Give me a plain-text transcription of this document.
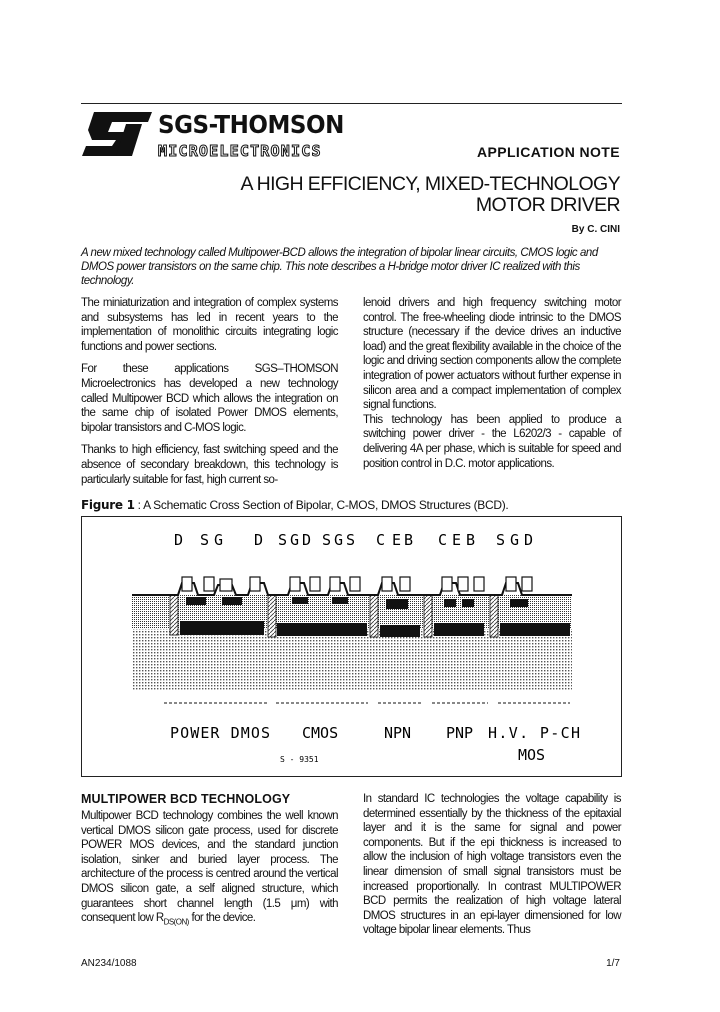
SGS-THOMSON
MICROELECTRONICS	APPLICATION NOTE
A HIGH EFFICIENCY, MIXED-TECHNOLOGY
MOTOR DRIVER
By C. CINI
A new mixed technology called Multipower-BCD allows the integration of bipolar linear circuits, CMOS logic and DMOS power transistors on the same chip. This note describes a H-bridge motor driver IC realized with this technology.

The miniaturization and integration of complex systems and subsystems has led in recent years to the implementation of monolithic circuits integrating logic functions and power sections.

For these applications SGS–THOMSON Microelectronics has developed a new technology called Multipower BCD which allows the integration on the same chip of isolated Power DMOS elements, bipolar transistors and C-MOS logic.

Thanks to high efficiency, fast switching speed and the absence of secondary breakdown, this technology is particularly suitable for fast, high current so-

lenoid drivers and high frequency switching motor control. The free-wheeling diode intrinsic to the DMOS structure (necessary if the device drives an inductive load) and the great flexibility available in the choice of the logic and driving section components allow the complete integration of power actuators without further expense in silicon area and a compact implementation of complex signal functions.

This technology has been applied to produce a switching power driver - the L6202/3 - capable of delivering 4A per phase, which is suitable for speed and position control in D.C. motor applications.

Figure 1 : A Schematic Cross Section of Bipolar, C-MOS, DMOS Structures (BCD).
D S G D S G D S G S C E B C E B S G D
POWER DMOS CMOS	NPN PNP H.V. P-CH
MOS
S - 9351
MULTIPOWER BCD TECHNOLOGY

Multipower BCD technology combines the well known vertical DMOS silicon gate process, used for discrete POWER MOS devices, and the standard junction isolation, sinker and buried layer process. The architecture of the process is centred around the vertical DMOS silicon gate, a self aligned structure, which guarantees short channel length (1.5 μm) with consequent low $R_{DS(ON)}$ for the device.

In standard IC technologies the voltage capability is determined essentially by the thickness of the epitaxial layer and it is the same for signal and power components. But if the epi thickness is increased to allow the inclusion of high voltage transistors even the linear dimension of small signal transistors must be increased proportionally. In contrast MULTIPOWER BCD permits the realization of high voltage lateral DMOS structures in an epi-layer dimensioned for low voltage bipolar linear elements. Thus

AN234/1088	1/7
